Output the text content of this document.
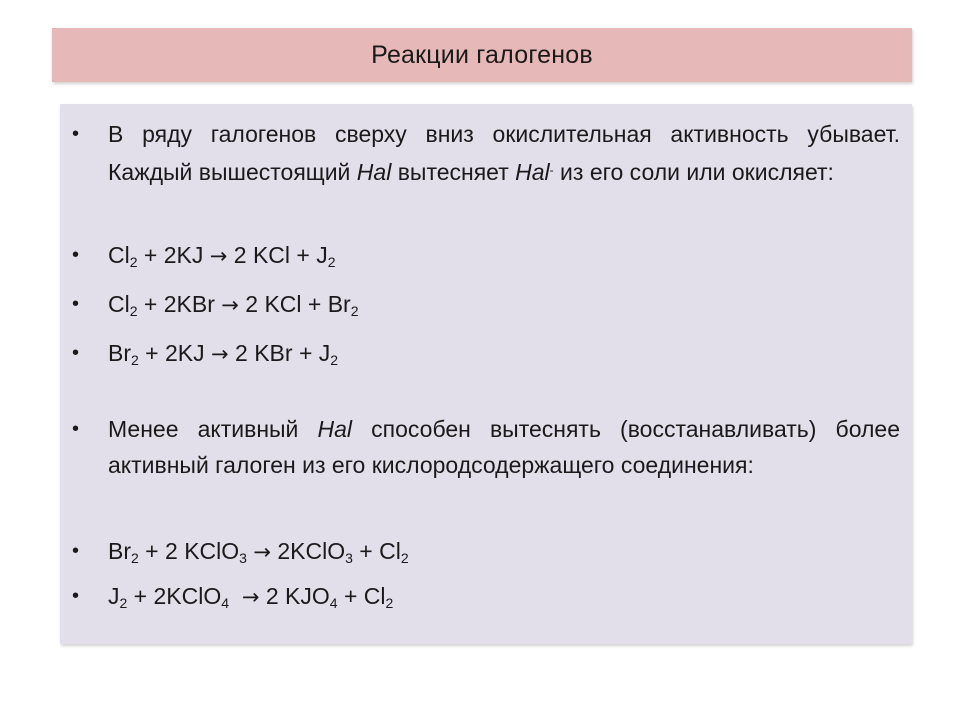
Реакции галогенов
• В ряду галогенов сверху вниз окислительная активность убывает. Каждый вышестоящий Hal вытесняет Hal- из его соли или окисляет:
• $Cl_2 + 2KJ \to 2$ KCl + $J_2$
• $Cl_2 + 2KBr \to 2$ KCl + $Br_2$
• $Br_2 + 2KJ \to 2$ KBr + $J_2$
• Менее активный Hal способен вытеснять (восстанавливать) более активный галоген из его кислородсодержащего соединения:
• $Br_2 + 2$ KClO$_3$ → 2KClO$_3$ + $Cl_2$
• $J_2$ + 2KClO$_4$ → 2 $KJO_4 + Cl_2$
